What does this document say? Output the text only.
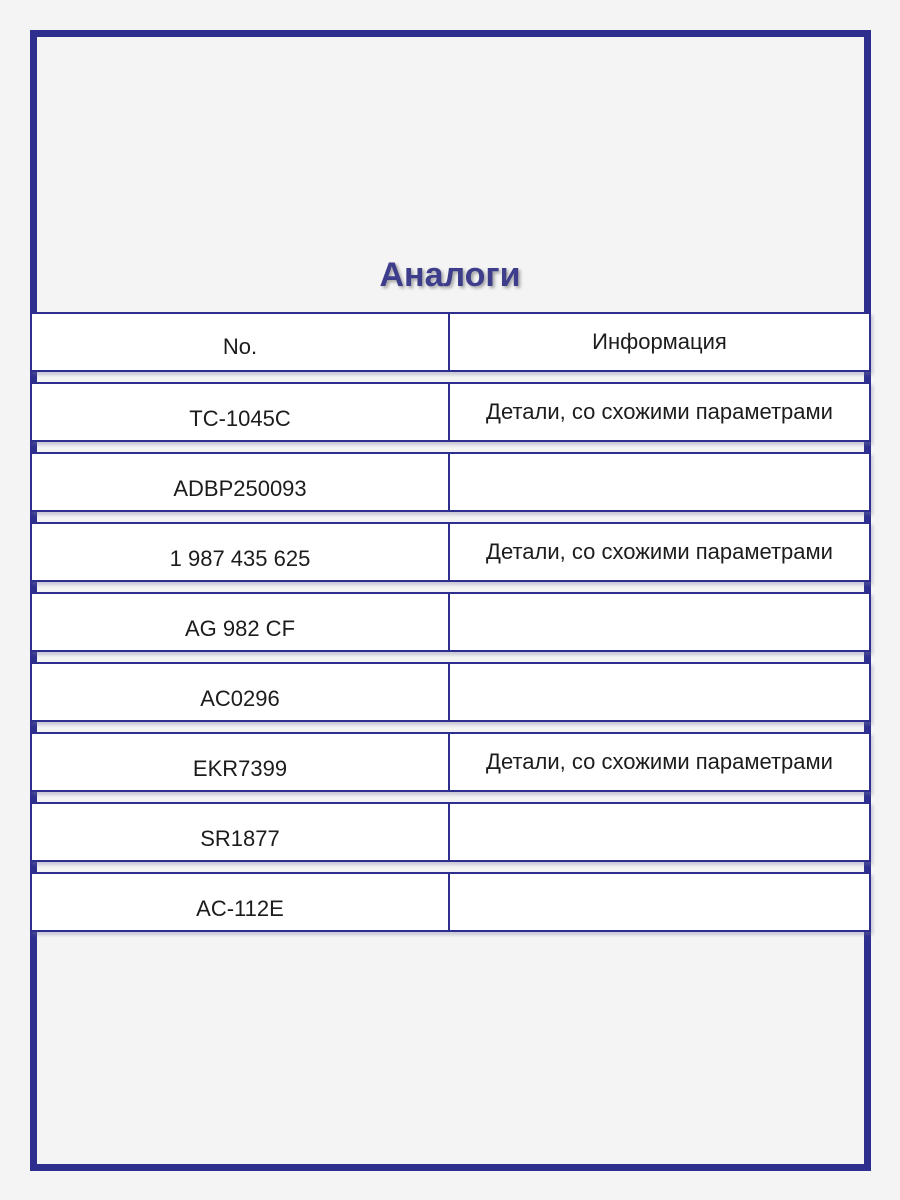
Аналоги
No.	Информация
TC-1045C	Детали, со схожими параметрами
ADBP250093
1 987 435 625	Детали, со схожими параметрами
AG 982 CF
AC0296
EKR7399	Детали, со схожими параметрами
SR1877
AC-112E
